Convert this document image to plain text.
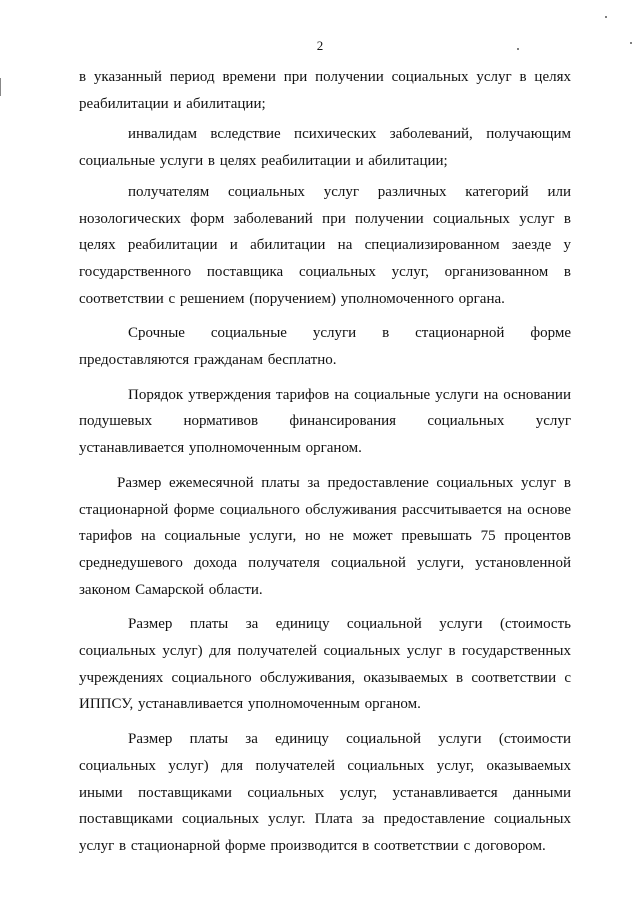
2

в указанный период времени при получении социальных услуг в целях реабилитации и абилитации;

инвалидам вследствие психических заболеваний, получающим социальные услуги в целях реабилитации и абилитации;

получателям социальных услуг различных категорий или нозологических форм заболеваний при получении социальных услуг в целях реабилитации и абилитации на специализированном заезде у государственного поставщика социальных услуг, организованном в соответствии с решением (поручением) уполномоченного органа.

Срочные социальные услуги в стационарной форме предоставляются гражданам бесплатно.

Порядок утверждения тарифов на социальные услуги на основании подушевых нормативов финансирования социальных услуг устанавливается уполномоченным органом.

Размер ежемесячной платы за предоставление социальных услуг в стационарной форме социального обслуживания рассчитывается на основе тарифов на социальные услуги, но не может превышать 75 процентов среднедушевого дохода получателя социальной услуги, установленной законом Самарской области.

Размер платы за единицу социальной услуги (стоимость социальных услуг) для получателей социальных услуг в государственных учреждениях социального обслуживания, оказываемых в соответствии с ИППСУ, устанавливается уполномоченным органом.

Размер платы за единицу социальной услуги (стоимости социальных услуг) для получателей социальных услуг, оказываемых иными поставщиками социальных услуг, устанавливается данными поставщиками социальных услуг. Плата за предоставление социальных услуг в стационарной форме производится в соответствии с договором.
